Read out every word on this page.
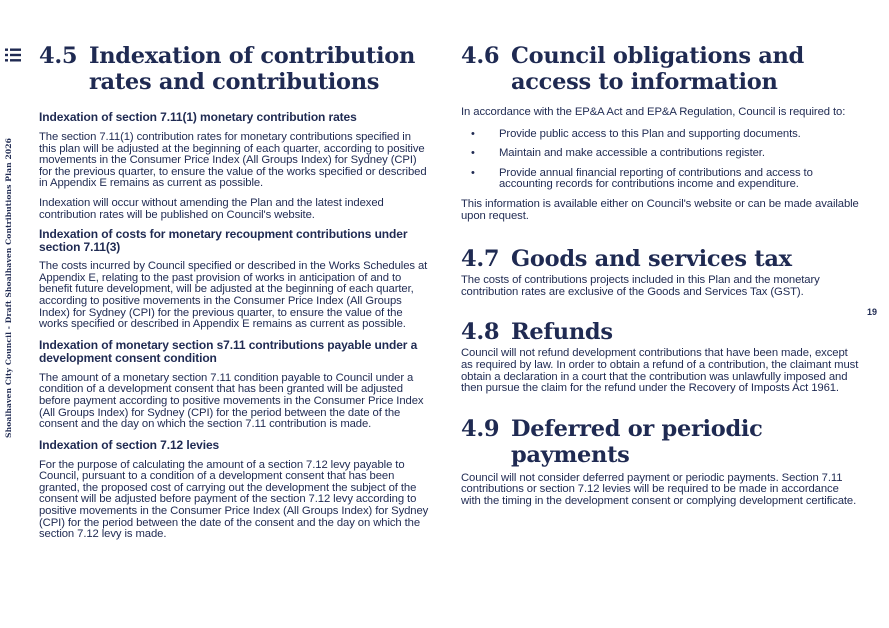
Shoalhaven City Council - Draft Shoalhaven Contributions Plan 2026	19
4.5 Indexation of contribution rates and contributions
Indexation of section 7.11(1) monetary contribution rates

The section 7.11(1) contribution rates for monetary contributions specified in this plan will be adjusted at the beginning of each quarter, according to positive movements in the Consumer Price Index (All Groups Index) for Sydney (CPI) for the previous quarter, to ensure the value of the works specified or described in Appendix E remains as current as possible.

Indexation will occur without amending the Plan and the latest indexed contribution rates will be published on Council's website.

Indexation of costs for monetary recoupment contributions under section 7.11(3)

The costs incurred by Council specified or described in the Works Schedules at Appendix E, relating to the past provision of works in anticipation of and to benefit future development, will be adjusted at the beginning of each quarter, according to positive movements in the Consumer Price Index (All Groups Index) for Sydney (CPI) for the previous quarter, to ensure the value of the works specified or described in Appendix E remains as current as possible.

Indexation of monetary section s7.11 contributions payable under a development consent condition

The amount of a monetary section 7.11 condition payable to Council under a condition of a development consent that has been granted will be adjusted before payment according to positive movements in the Consumer Price Index (All Groups Index) for Sydney (CPI) for the period between the date of the consent and the day on which the section 7.11 contribution is made.

Indexation of section 7.12 levies

For the purpose of calculating the amount of a section 7.12 levy payable to Council, pursuant to a condition of a development consent that has been granted, the proposed cost of carrying out the development the subject of the consent will be adjusted before payment of the section 7.12 levy according to positive movements in the Consumer Price Index (All Groups Index) for Sydney (CPI) for the period between the date of the consent and the day on which the section 7.12 levy is made.

4.6 Council obligations and access to information

In accordance with the EP&A Act and EP&A Regulation, Council is required to:

• Provide public access to this Plan and supporting documents.
• Maintain and make accessible a contributions register.
• Provide annual financial reporting of contributions and access to accounting records for contributions income and expenditure.

This information is available either on Council's website or can be made available upon request.

4.7 Goods and services tax

The costs of contributions projects included in this Plan and the monetary contribution rates are exclusive of the Goods and Services Tax (GST).

4.8 Refunds

Council will not refund development contributions that have been made, except as required by law. In order to obtain a refund of a contribution, the claimant must obtain a declaration in a court that the contribution was unlawfully imposed and then pursue the claim for the refund under the Recovery of Imposts Act 1961.

4.9 Deferred or periodic payments

Council will not consider deferred payment or periodic payments. Section 7.11 contributions or section 7.12 levies will be required to be made in accordance with the timing in the development consent or complying development certificate.
